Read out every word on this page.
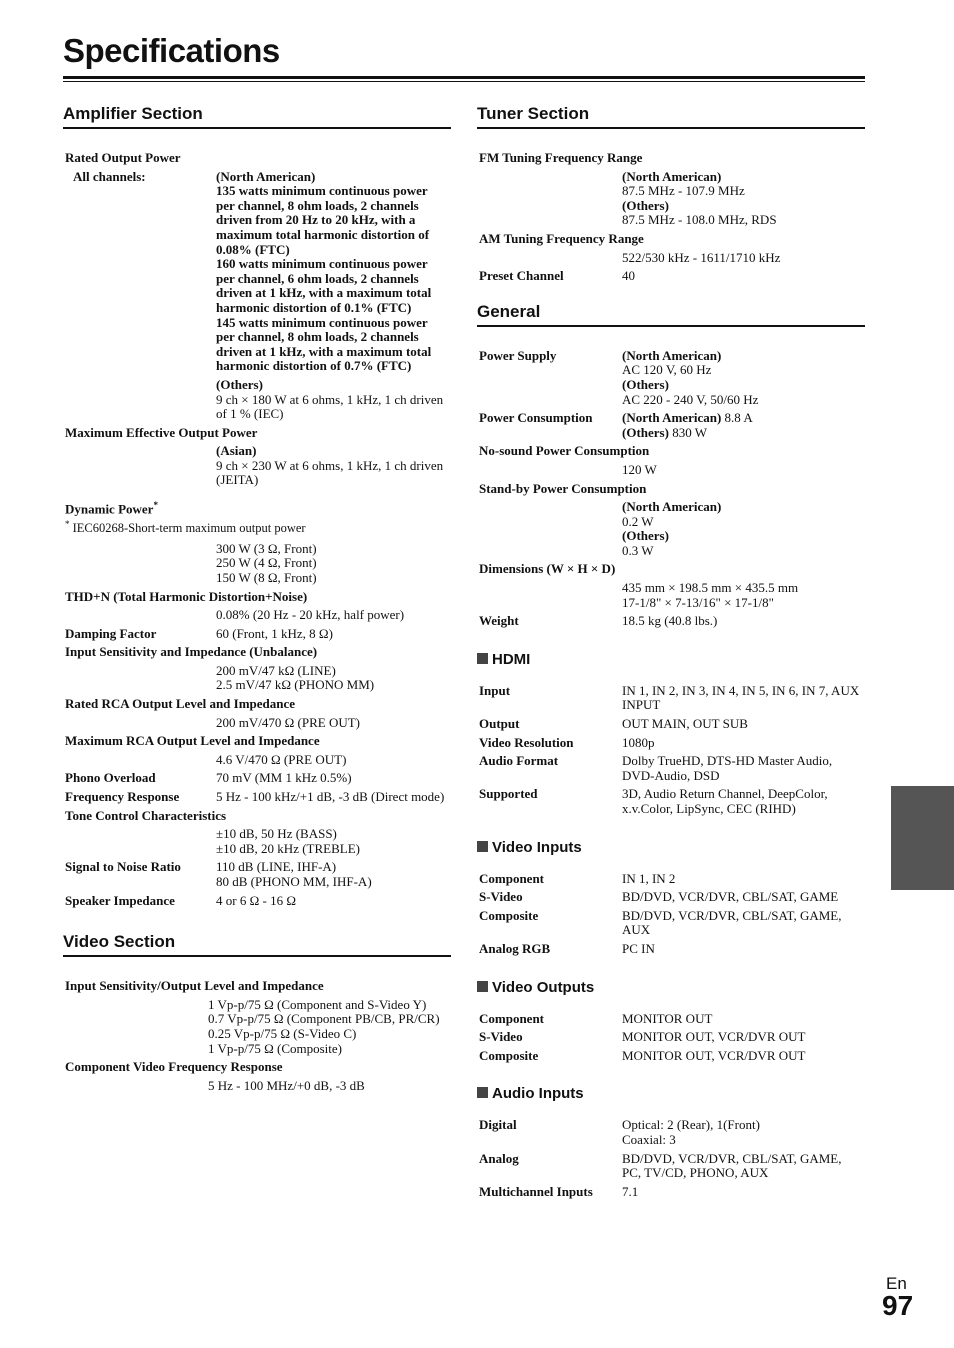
Specifications
Amplifier Section
Rated Output Power	
All channels:	(North American)
135 watts minimum continuous power per channel, 8 ohm loads, 2 channels driven from 20 Hz to 20 kHz, with a maximum total harmonic distortion of 0.08% (FTC)
160 watts minimum continuous power per channel, 6 ohm loads, 2 channels driven at 1 kHz, with a maximum total harmonic distortion of 0.1% (FTC)
145 watts minimum continuous power per channel, 8 ohm loads, 2 channels driven at 1 kHz, with a maximum total harmonic distortion of 0.7% (FTC)

	(Others)
9 ch × 180 W at 6 ohms, 1 kHz, 1 ch driven of 1 % (IEC)

Maximum Effective Output Power	

	(Asian)
9 ch × 230 W at 6 ohms, 1 kHz, 1 ch driven (JEITA)

Dynamic Power*
* IEC60268-Short-term maximum output power	

	300 W (3 Ω, Front)
250 W (4 Ω, Front)
150 W (8 Ω, Front)

THD+N (Total Harmonic Distortion+Noise)	
	0.08% (20 Hz - 20 kHz, half power)
Damping Factor	60 (Front, 1 kHz, 8 Ω)
Input Sensitivity and Impedance (Unbalance)	

	200 mV/47 kΩ (LINE)
2.5 mV/47 kΩ (PHONO MM)

Rated RCA Output Level and Impedance	
	200 mV/470 Ω (PRE OUT)
Maximum RCA Output Level and Impedance	
	4.6 V/470 Ω (PRE OUT)
Phono Overload	70 mV (MM 1 kHz 0.5%)
Frequency Response	5 Hz - 100 kHz/+1 dB, -3 dB (Direct mode)
Tone Control Characteristics	

	±10 dB, 50 Hz (BASS)
±10 dB, 20 kHz (TREBLE)

Signal to Noise Ratio	110 dB (LINE, IHF-A)
80 dB (PHONO MM, IHF-A)

Speaker Impedance	4 or 6 Ω - 16 Ω
Video Section
Input Sensitivity/Output Level and Impedance	

	1 Vp-p/75 Ω (Component and S-Video Y)
0.7 Vp-p/75 Ω (Component PB/CB, PR/CR)
0.25 Vp-p/75 Ω (S-Video C)
1 Vp-p/75 Ω (Composite)

Component Video Frequency Response	
	5 Hz - 100 MHz/+0 dB, -3 dB
Tuner Section
FM Tuning Frequency Range	

	(North American)
87.5 MHz - 107.9 MHz
(Others)
87.5 MHz - 108.0 MHz, RDS

AM Tuning Frequency Range	
	522/530 kHz - 1611/1710 kHz
Preset Channel	40
General
Power Supply	(North American)
AC 120 V, 60 Hz
(Others)
AC 220 - 240 V, 50/60 Hz

Power Consumption	(North American) 8.8 A
(Others) 830 W

No-sound Power Consumption	
	120 W
Stand-by Power Consumption	

	(North American)
0.2 W
(Others)
0.3 W

Dimensions (W × H × D)	

	435 mm × 198.5 mm × 435.5 mm
17-1/8" × 7-13/16" × 17-1/8"

Weight	18.5 kg (40.8 lbs.)
HDMI
Input	IN 1, IN 2, IN 3, IN 4, IN 5, IN 6, IN 7, AUX INPUT
Output	OUT MAIN, OUT SUB
Video Resolution	1080p
Audio Format	Dolby TrueHD, DTS-HD Master Audio, DVD-Audio, DSD
Supported	3D, Audio Return Channel, DeepColor, x.v.Color, LipSync, CEC (RIHD)
Video Inputs
Component	IN 1, IN 2
S-Video	BD/DVD, VCR/DVR, CBL/SAT, GAME
Composite	BD/DVD, VCR/DVR, CBL/SAT, GAME, AUX
Analog RGB	PC IN
Video Outputs
Component	MONITOR OUT
S-Video	MONITOR OUT, VCR/DVR OUT
Composite	MONITOR OUT, VCR/DVR OUT
Audio Inputs
Digital	Optical: 2 (Rear), 1(Front)
Coaxial: 3

Analog	BD/DVD, VCR/DVR, CBL/SAT, GAME, PC, TV/CD, PHONO, AUX
Multichannel Inputs	7.1
En
97
